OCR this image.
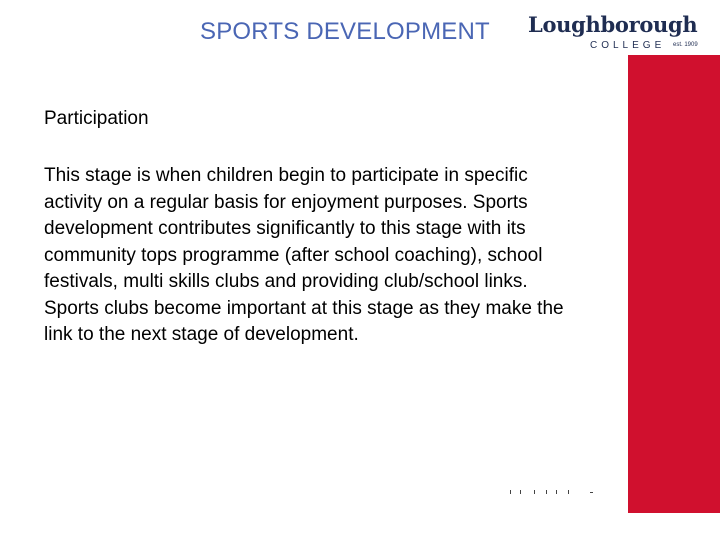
SPORTS DEVELOPMENT Loughborough
COLLEGE est. 1909
Participation

This stage is when children begin to participate in specific activity on a regular basis for enjoyment purposes. Sports development contributes significantly to this stage with its community tops programme (after school coaching), school festivals, multi skills clubs and providing club/school links. Sports clubs become important at this stage as they make the link to the next stage of development.
